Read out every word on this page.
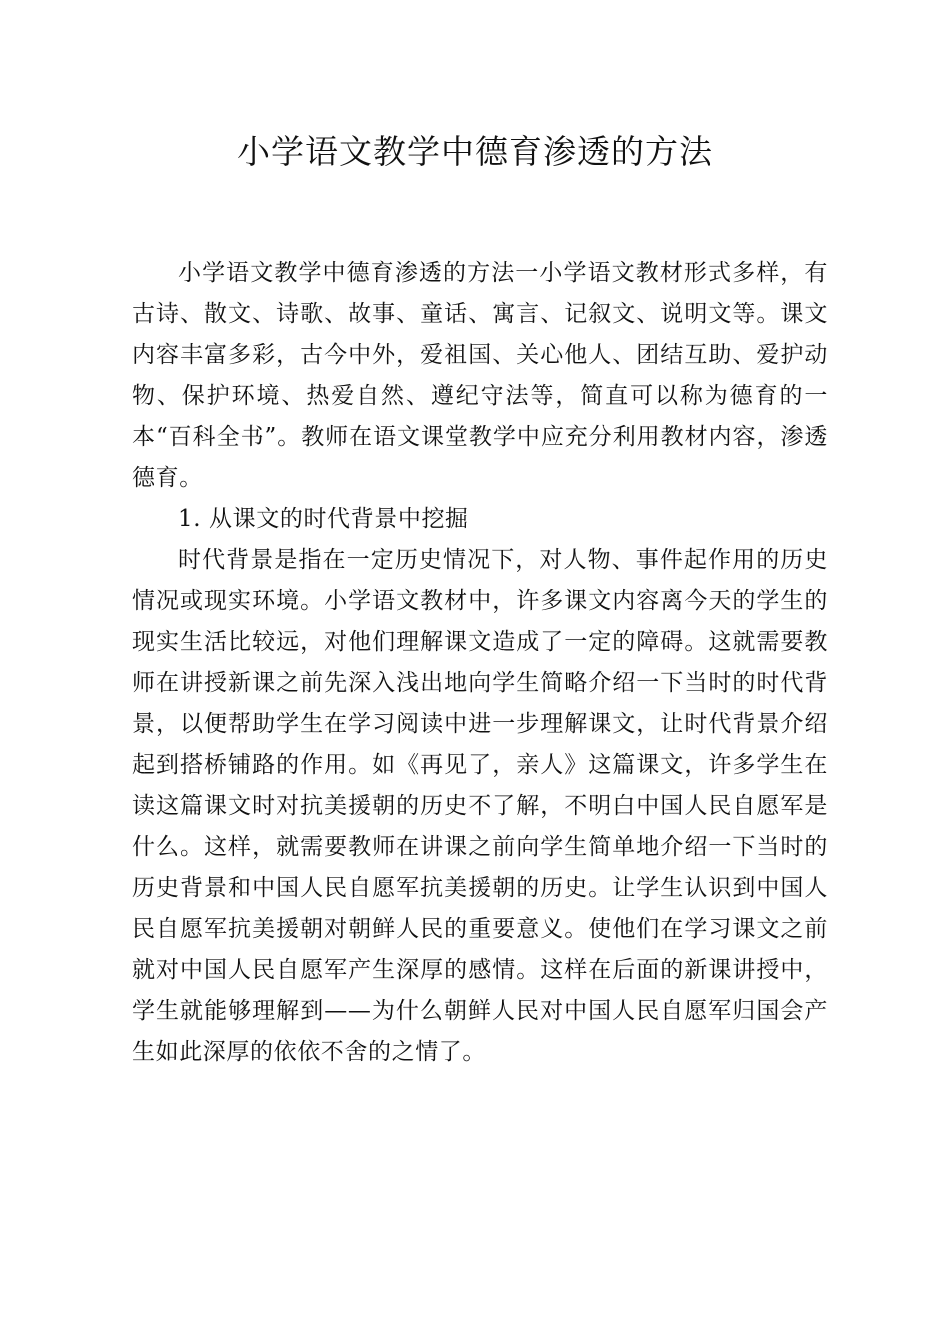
小学语文教学中德育渗透的方法

小学语文教学中德育渗透的方法一小学语文教材形式多样，有古诗、散文、诗歌、故事、童话、寓言、记叙文、说明文等。课文内容丰富多彩，古今中外，爱祖国、关心他人、团结互助、爱护动物、保护环境、热爱自然、遵纪守法等，简直可以称为德育的一本“百科全书”。教师在语文课堂教学中应充分利用教材内容，渗透德育。

1. 从课文的时代背景中挖掘

时代背景是指在一定历史情况下，对人物、事件起作用的历史情况或现实环境。小学语文教材中，许多课文内容离今天的学生的现实生活比较远，对他们理解课文造成了一定的障碍。这就需要教师在讲授新课之前先深入浅出地向学生简略介绍一下当时的时代背景，以便帮助学生在学习阅读中进一步理解课文，让时代背景介绍起到搭桥铺路的作用。如《再见了，亲人》这篇课文，许多学生在读这篇课文时对抗美援朝的历史不了解，不明白中国人民自愿军是什么。这样，就需要教师在讲课之前向学生简单地介绍一下当时的历史背景和中国人民自愿军抗美援朝的历史。让学生认识到中国人民自愿军抗美援朝对朝鲜人民的重要意义。使他们在学习课文之前就对中国人民自愿军产生深厚的感情。这样在后面的新课讲授中，学生就能够理解到——为什么朝鲜人民对中国人民自愿军归国会产生如此深厚的依依不舍的之情了。
